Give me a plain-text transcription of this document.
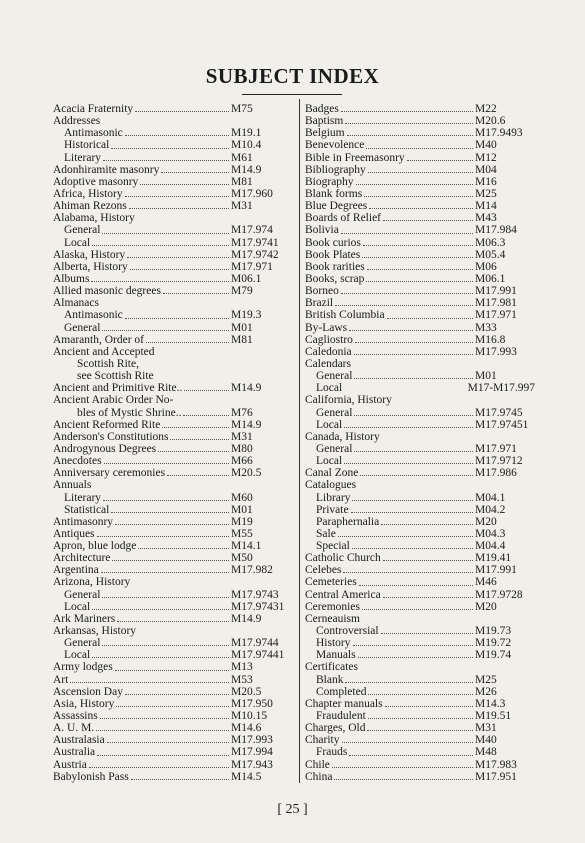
SUBJECT INDEX
Acacia Fraternity	M75
Addresses
Antimasonic	M19.1
Historical	M10.4
Literary	M61
Adonhiramite masonry	M14.9
Adoptive masonry	M81
Africa, History	M17.960
Ahiman Rezons	M31
Alabama, History
General	M17.974
Local	M17.9741
Alaska, History	M17.9742
Alberta, History	M17.971
Albums	M06.1
Allied masonic degrees	M79
Almanacs
Antimasonic	M19.3
General	M01
Amaranth, Order of	M81
Ancient and Accepted
Scottish Rite,
see Scottish Rite
Ancient and Primitive Rite..	M14.9
Ancient Arabic Order No-
bles of Mystic Shrine..	M76
Ancient Reformed Rite	M14.9
Anderson's Constitutions	M31
Androgynous Degrees	M80
Anecdotes	M66
Anniversary ceremonies	M20.5
Annuals
Literary	M60
Statistical	M01
Antimasonry	M19
Antiques	M55
Apron, blue lodge	M14.1
Architecture	M50
Argentina	M17.982
Arizona, History
General	M17.9743
Local	M17.97431
Ark Mariners	M14.9
Arkansas, History
General	M17.9744
Local	M17.97441
Army lodges	M13
Art	M53
Ascension Day	M20.5
Asia, History	M17.950
Assassins	M10.15
A. U. M.	M14.6
Australasia	M17.993
Australia	M17.994
Austria	M17.943
Babylonish Pass	M14.5
Badges	M22
Baptism	M20.6
Belgium	M17.9493
Benevolence	M40
Bible in Freemasonry	M12
Bibliography	M04
Biography	M16
Blank forms	M25
Blue Degrees	M14
Boards of Relief	M43
Bolivia	M17.984
Book curios	M06.3
Book Plates	M05.4
Book rarities	M06
Books, scrap	M06.1
Borneo	M17.991
Brazil	M17.981
British Columbia	M17.971
By-Laws	M33
Cagliostro	M16.8
Caledonia	M17.993
Calendars
General	M01
Local	M17-M17.997
California, History
General	M17.9745
Local	M17.97451
Canada, History
General	M17.971
Local	M17.9712
Canal Zone	M17.986
Catalogues
Library	M04.1
Private	M04.2
Paraphernalia	M20
Sale	M04.3
Special	M04.4
Catholic Church	M19.41
Celebes	M17.991
Cemeteries	M46
Central America	M17.9728
Ceremonies	M20
Cerneauism
Controversial	M19.73
History	M19.72
Manuals	M19.74
Certificates
Blank	M25
Completed	M26
Chapter manuals	M14.3
Fraudulent	M19.51
Charges, Old	M31
Charity	M40
Frauds	M48
Chile	M17.983
China	M17.951
[ 25 ]
